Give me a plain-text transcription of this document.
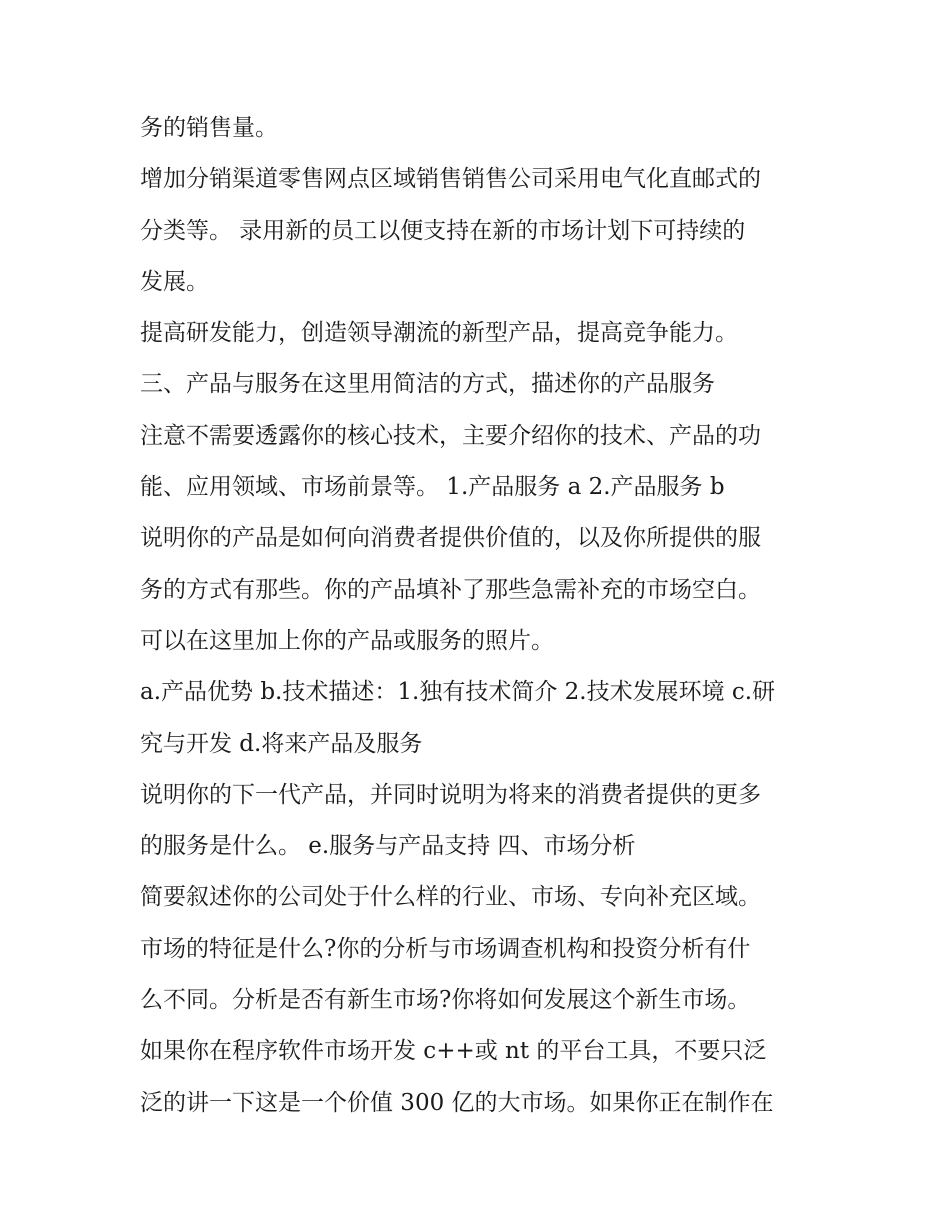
务的销售量。
增加分销渠道零售网点区域销售销售公司采用电气化直邮式的
分类等。 录用新的员工以便支持在新的市场计划下可持续的
发展。
提高研发能力，创造领导潮流的新型产品，提高竞争能力。
三、产品与服务在这里用简洁的方式，描述你的产品服务
注意不需要透露你的核心技术，主要介绍你的技术、产品的功
能、应用领域、市场前景等。 1.产品服务 a 2.产品服务 b
说明你的产品是如何向消费者提供价值的，以及你所提供的服
务的方式有那些。你的产品填补了那些急需补充的市场空白。
可以在这里加上你的产品或服务的照片。
a.产品优势 b.技术描述：1.独有技术简介 2.技术发展环境 c.研
究与开发 d.将来产品及服务
说明你的下一代产品，并同时说明为将来的消费者提供的更多
的服务是什么。 e.服务与产品支持 四、市场分析
简要叙述你的公司处于什么样的行业、市场、专向补充区域。
市场的特征是什么?你的分析与市场调查机构和投资分析有什
么不同。分析是否有新生市场?你将如何发展这个新生市场。
如果你在程序软件市场开发 c++或 nt 的平台工具，不要只泛
泛的讲一下这是一个价值 300 亿的大市场。如果你正在制作在
